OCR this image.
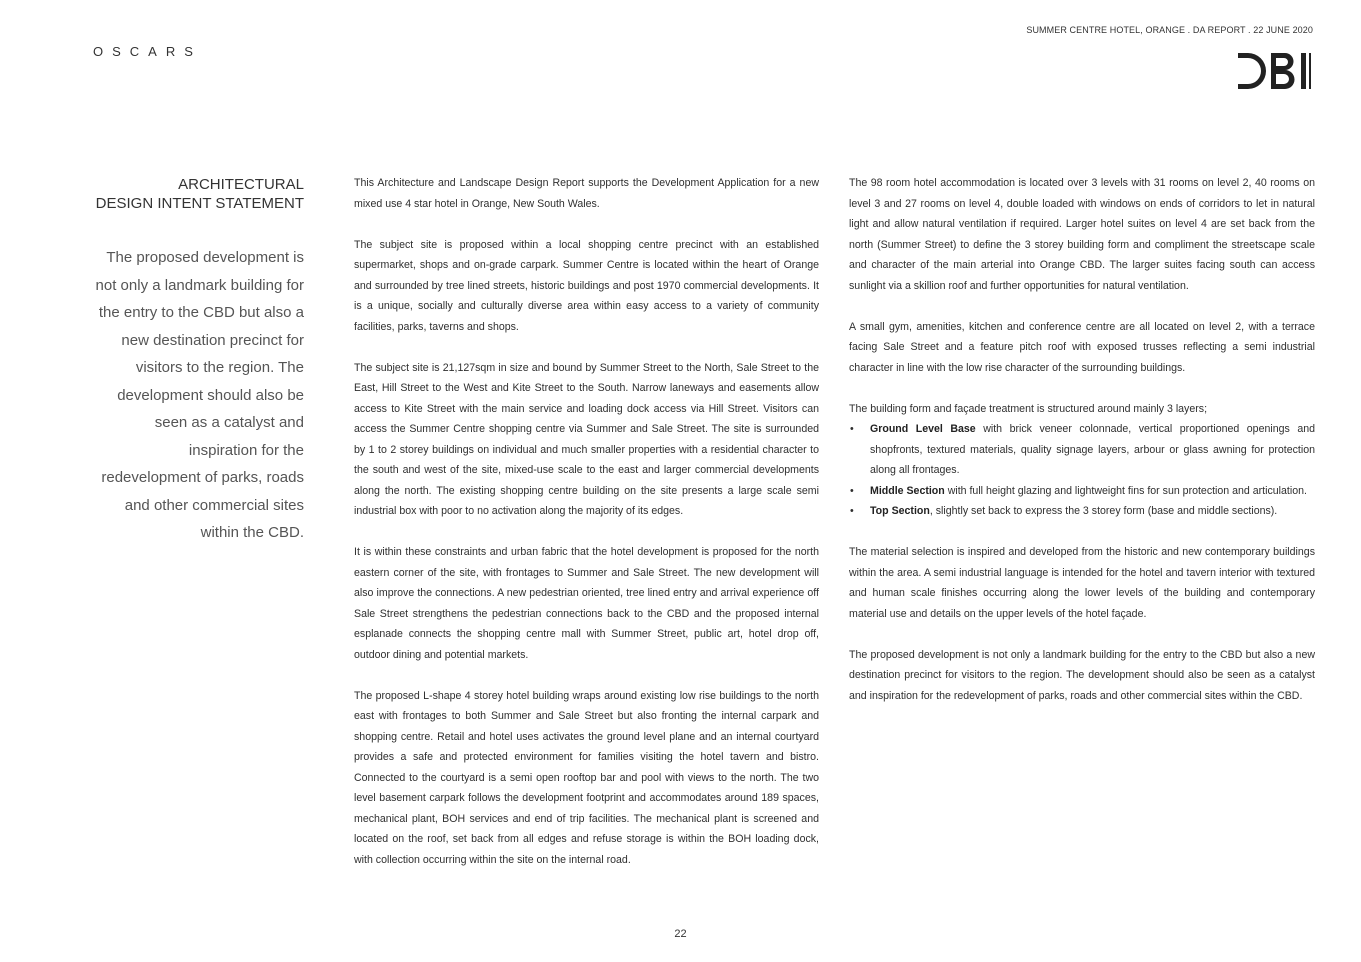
OSCARS
SUMMER CENTRE HOTEL, ORANGE . DA REPORT . 22 JUNE 2020
ARCHITECTURAL
DESIGN INTENT STATEMENT
The proposed development is not only a landmark building for the entry to the CBD but also a new destination precinct for visitors to the region. The development should also be seen as a catalyst and inspiration for the redevelopment of parks, roads and other commercial sites within the CBD.

This Architecture and Landscape Design Report supports the Development Application for a new mixed use 4 star hotel in Orange, New South Wales.

The subject site is proposed within a local shopping centre precinct with an established supermarket, shops and on-grade carpark. Summer Centre is located within the heart of Orange and surrounded by tree lined streets, historic buildings and post 1970 commercial developments. It is a unique, socially and culturally diverse area within easy access to a variety of community facilities, parks, taverns and shops.

The subject site is 21,127sqm in size and bound by Summer Street to the North, Sale Street to the East, Hill Street to the West and Kite Street to the South. Narrow laneways and easements allow access to Kite Street with the main service and loading dock access via Hill Street. Visitors can access the Summer Centre shopping centre via Summer and Sale Street. The site is surrounded by 1 to 2 storey buildings on individual and much smaller properties with a residential character to the south and west of the site, mixed-use scale to the east and larger commercial developments along the north. The existing shopping centre building on the site presents a large scale semi industrial box with poor to no activation along the majority of its edges.

It is within these constraints and urban fabric that the hotel development is proposed for the north eastern corner of the site, with frontages to Summer and Sale Street. The new development will also improve the connections. A new pedestrian oriented, tree lined entry and arrival experience off Sale Street strengthens the pedestrian connections back to the CBD and the proposed internal esplanade connects the shopping centre mall with Summer Street, public art, hotel drop off, outdoor dining and potential markets.

The proposed L-shape 4 storey hotel building wraps around existing low rise buildings to the north east with frontages to both Summer and Sale Street but also fronting the internal carpark and shopping centre. Retail and hotel uses activates the ground level plane and an internal courtyard provides a safe and protected environment for families visiting the hotel tavern and bistro. Connected to the courtyard is a semi open rooftop bar and pool with views to the north. The two level basement carpark follows the development footprint and accommodates around 189 spaces, mechanical plant, BOH services and end of trip facilities. The mechanical plant is screened and located on the roof, set back from all edges and refuse storage is within the BOH loading dock, with collection occurring within the site on the internal road.

The 98 room hotel accommodation is located over 3 levels with 31 rooms on level 2, 40 rooms on level 3 and 27 rooms on level 4, double loaded with windows on ends of corridors to let in natural light and allow natural ventilation if required. Larger hotel suites on level 4 are set back from the north (Summer Street) to define the 3 storey building form and compliment the streetscape scale and character of the main arterial into Orange CBD. The larger suites facing south can access sunlight via a skillion roof and further opportunities for natural ventilation.

A small gym, amenities, kitchen and conference centre are all located on level 2, with a terrace facing Sale Street and a feature pitch roof with exposed trusses reflecting a semi industrial character in line with the low rise character of the surrounding buildings.

The building form and façade treatment is structured around mainly 3 layers;

• Ground Level Base with brick veneer colonnade, vertical proportioned openings and shopfronts, textured materials, quality signage layers, arbour or glass awning for protection along all frontages.
• Middle Section with full height glazing and lightweight fins for sun protection and articulation.
• Top Section, slightly set back to express the 3 storey form (base and middle sections).

The material selection is inspired and developed from the historic and new contemporary buildings within the area. A semi industrial language is intended for the hotel and tavern interior with textured and human scale finishes occurring along the lower levels of the building and contemporary material use and details on the upper levels of the hotel façade.

The proposed development is not only a landmark building for the entry to the CBD but also a new destination precinct for visitors to the region. The development should also be seen as a catalyst and inspiration for the redevelopment of parks, roads and other commercial sites within the CBD.

22
